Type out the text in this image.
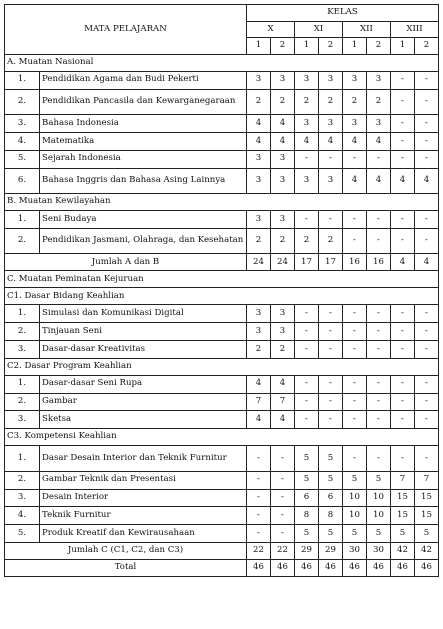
MATA PELAJARAN		KELAS							
		X		XI		XII		XIII	
		1	2	1	2	1	2	1	2
A. Muatan Nasional									
1.	Pendidikan Agama dan Budi Pekerti	3	3	3	3	3	3	-	-
2.	Pendidikan Pancasila dan Kewarganegaraan	2	2	2	2	2	2	-	-
3.	Bahasa Indonesia	4	4	3	3	3	3	-	-
4.	Matematika	4	4	4	4	4	4	-	-
5.	Sejarah Indonesia	3	3	-	-	-	-	-	-
6.	Bahasa Inggris dan Bahasa Asing Lainnya	3	3	3	3	4	4	4	4
B. Muatan Kewilayahan									
1.	Seni Budaya	3	3	-	-	-	-	-	-
2.	Pendidikan Jasmani, Olahraga, dan Kesehatan	2	2	2	2	-	-	-	-
Jumlah A dan B		24	24	17	17	16	16	4	4
C. Muatan Peminatan Kejuruan									
C1. Dasar Bidang Keahlian									
1.	Simulasi dan Komunikasi Digital	3	3	-	-	-	-	-	-
2.	Tinjauan Seni	3	3	-	-	-	-	-	-
3.	Dasar-dasar Kreativitas	2	2	-	-	-	-	-	-
C2. Dasar Program Keahlian									
1.	Dasar-dasar Seni Rupa	4	4	-	-	-	-	-	-
2.	Gambar	7	7	-	-	-	-	-	-
3.	Sketsa	4	4	-	-	-	-	-	-
C3. Kompetensi Keahlian									
1.	Dasar Desain Interior dan Teknik Furnitur	-	-	5	5	-	-	-	-
2.	Gambar Teknik dan Presentasi	-	-	5	5	5	5	7	7
3.	Desain Interior	-	-	6	6	10	10	15	15
4.	Teknik Furnitur	-	-	8	8	10	10	15	15
5.	Produk Kreatif dan Kewirausahaan	-	-	5	5	5	5	5	5
Jumlah C (C1, C2, dan C3)		22	22	29	29	30	30	42	42
Total		46	46	46	46	46	46	46	46
